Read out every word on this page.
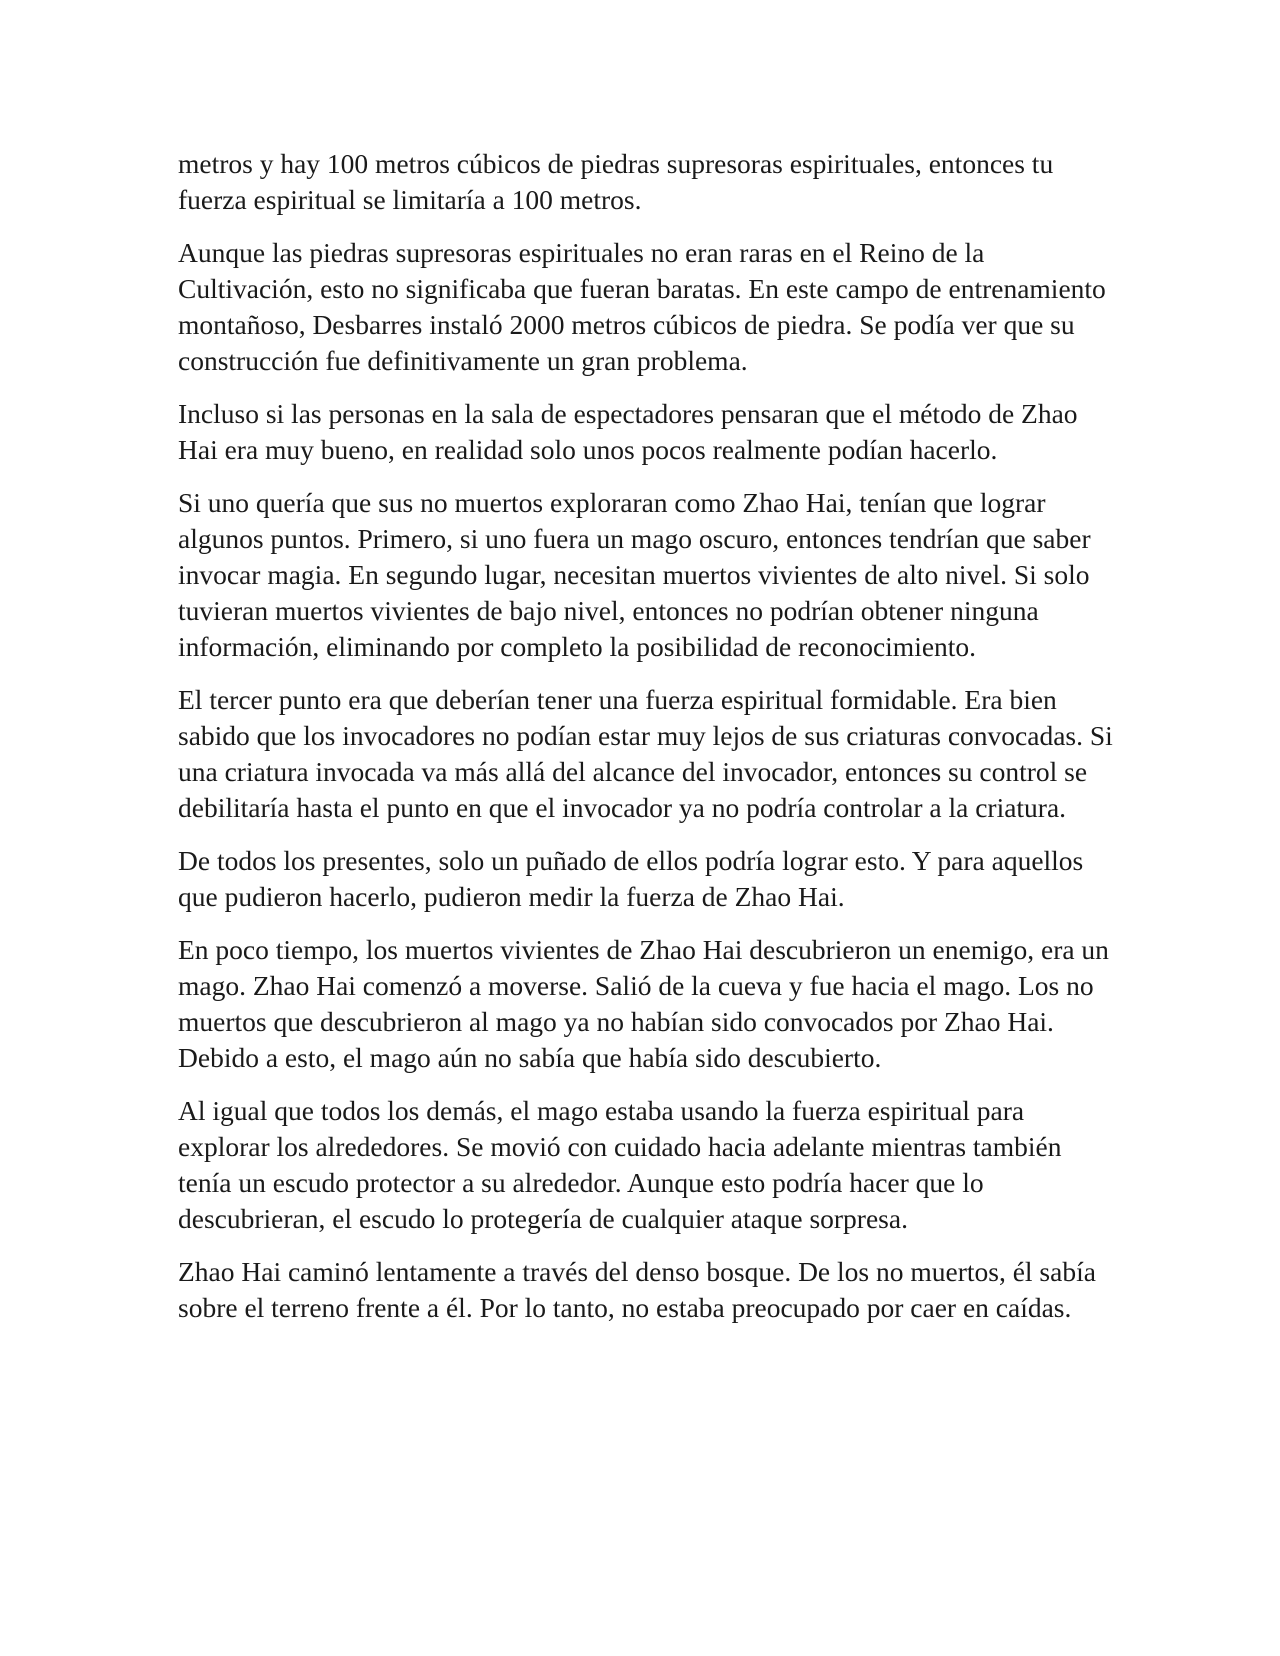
metros y hay 100 metros cúbicos de piedras supresoras espirituales, entonces tu fuerza espiritual se limitaría a 100 metros.

Aunque las piedras supresoras espirituales no eran raras en el Reino de la Cultivación, esto no significaba que fueran baratas. En este campo de entrenamiento montañoso, Desbarres instaló 2000 metros cúbicos de piedra. Se podía ver que su construcción fue definitivamente un gran problema.

Incluso si las personas en la sala de espectadores pensaran que el método de Zhao Hai era muy bueno, en realidad solo unos pocos realmente podían hacerlo.

Si uno quería que sus no muertos exploraran como Zhao Hai, tenían que lograr algunos puntos. Primero, si uno fuera un mago oscuro, entonces tendrían que saber invocar magia. En segundo lugar, necesitan muertos vivientes de alto nivel. Si solo tuvieran muertos vivientes de bajo nivel, entonces no podrían obtener ninguna información, eliminando por completo la posibilidad de reconocimiento.

El tercer punto era que deberían tener una fuerza espiritual formidable. Era bien sabido que los invocadores no podían estar muy lejos de sus criaturas convocadas. Si una criatura invocada va más allá del alcance del invocador, entonces su control se debilitaría hasta el punto en que el invocador ya no podría controlar a la criatura.

De todos los presentes, solo un puñado de ellos podría lograr esto. Y para aquellos que pudieron hacerlo, pudieron medir la fuerza de Zhao Hai.

En poco tiempo, los muertos vivientes de Zhao Hai descubrieron un enemigo, era un mago. Zhao Hai comenzó a moverse. Salió de la cueva y fue hacia el mago. Los no muertos que descubrieron al mago ya no habían sido convocados por Zhao Hai. Debido a esto, el mago aún no sabía que había sido descubierto.

Al igual que todos los demás, el mago estaba usando la fuerza espiritual para explorar los alrededores. Se movió con cuidado hacia adelante mientras también tenía un escudo protector a su alrededor. Aunque esto podría hacer que lo descubrieran, el escudo lo protegería de cualquier ataque sorpresa.

Zhao Hai caminó lentamente a través del denso bosque. De los no muertos, él sabía sobre el terreno frente a él. Por lo tanto, no estaba preocupado por caer en caídas.
